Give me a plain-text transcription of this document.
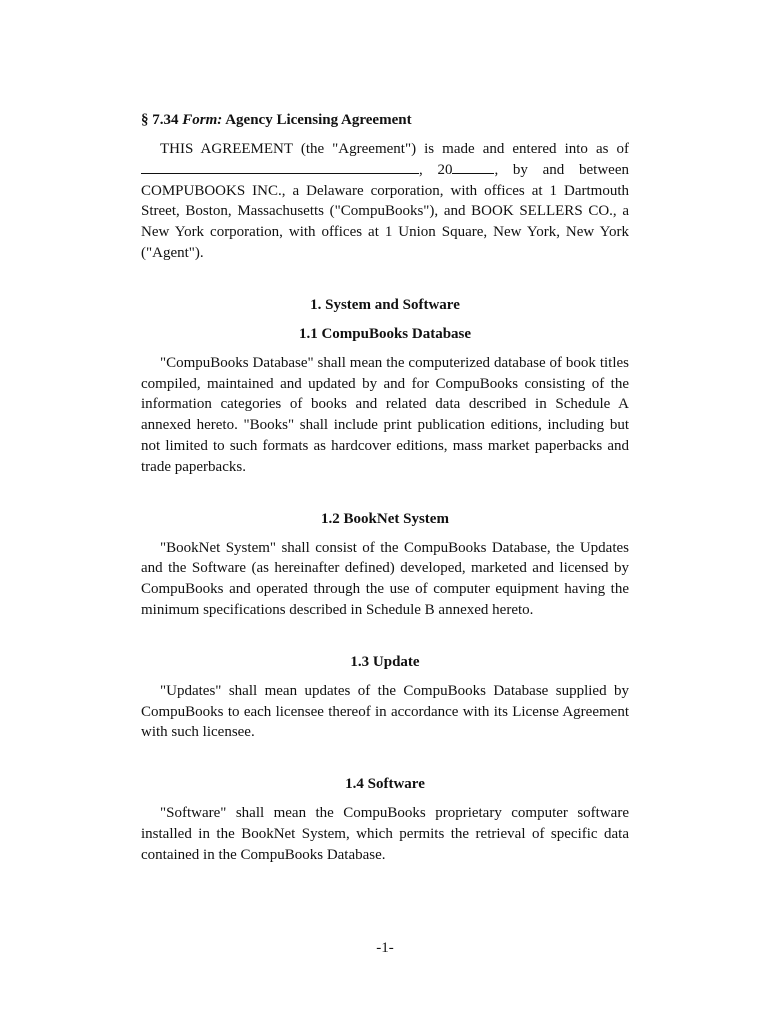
§ 7.34 Form: Agency Licensing Agreement

THIS AGREEMENT (the "Agreement") is made and entered into as of , 20	, by and between COMPUBOOKS INC., a Delaware corporation, with offices at 1 Dartmouth Street, Boston, Massachusetts ("CompuBooks"), and BOOK SELLERS CO., a New York corporation, with offices at 1 Union Square, New York, New York ("Agent").

1. System and Software
1.1 CompuBooks Database

"CompuBooks Database" shall mean the computerized database of book titles compiled, maintained and updated by and for CompuBooks consisting of the information categories of books and related data described in Schedule A annexed hereto. "Books" shall include print publication editions, including but not limited to such formats as hardcover editions, mass market paperbacks and trade paperbacks.

1.2 BookNet System

"BookNet System" shall consist of the CompuBooks Database, the Updates and the Software (as hereinafter defined) developed, marketed and licensed by CompuBooks and operated through the use of computer equipment having the minimum specifications described in Schedule B annexed hereto.

1.3 Update

"Updates" shall mean updates of the CompuBooks Database supplied by CompuBooks to each licensee thereof in accordance with its License Agreement with such licensee.

1.4 Software

"Software" shall mean the CompuBooks proprietary computer software installed in the BookNet System, which permits the retrieval of specific data contained in the CompuBooks Database.

-1-
